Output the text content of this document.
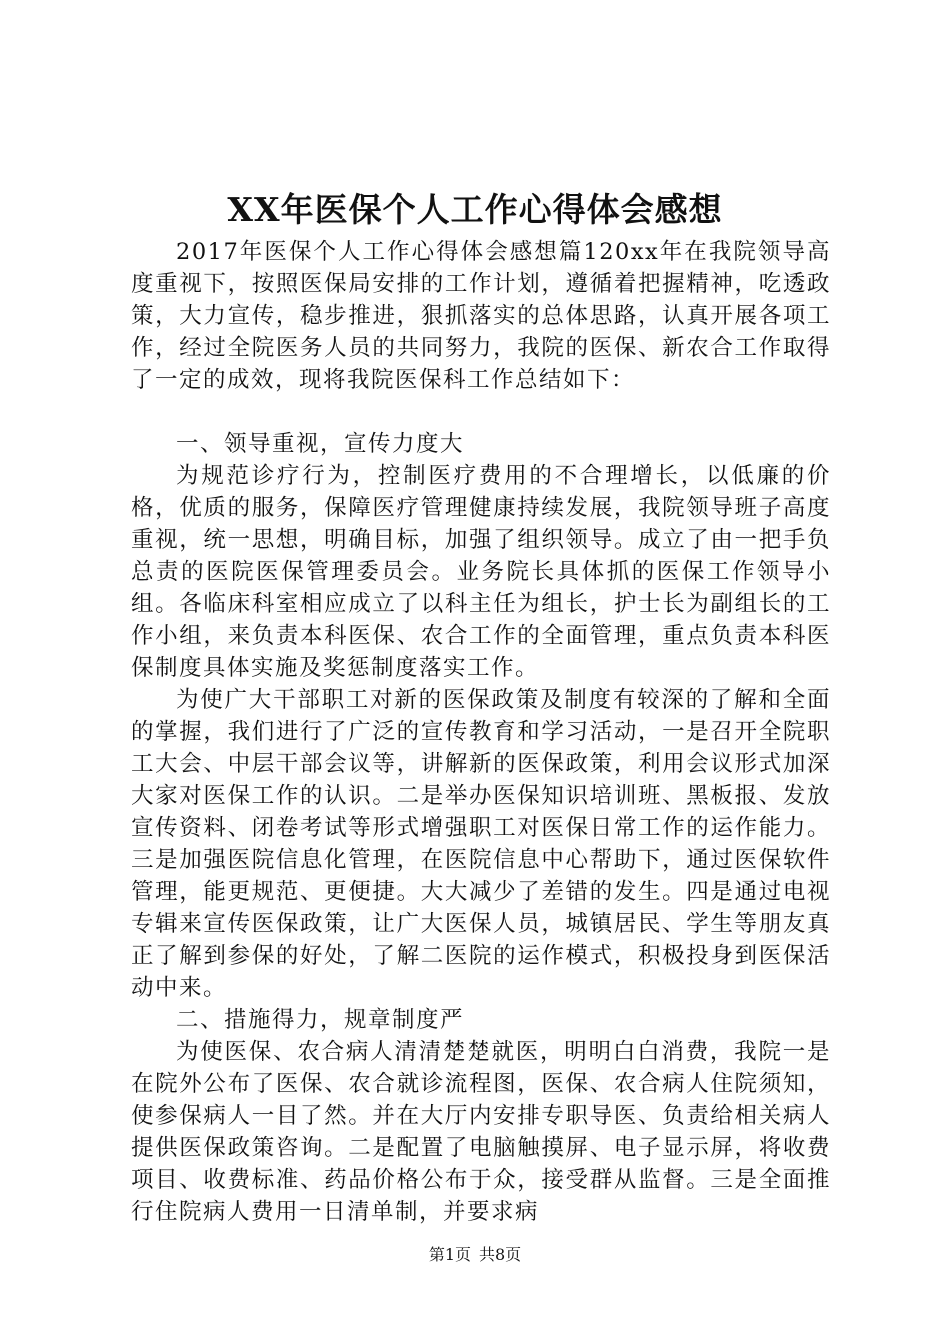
XX年医保个人工作心得体会感想

2017年医保个人工作心得体会感想篇120xx年在我院领导高度重视下，按照医保局安排的工作计划，遵循着把握精神，吃透政策，大力宣传，稳步推进，狠抓落实的总体思路，认真开展各项工作，经过全院医务人员的共同努力，我院的医保、新农合工作取得了一定的成效，现将我院医保科工作总结如下：

一、领导重视，宣传力度大

为规范诊疗行为，控制医疗费用的不合理增长，以低廉的价格，优质的服务，保障医疗管理健康持续发展，我院领导班子高度重视，统一思想，明确目标，加强了组织领导。成立了由一把手负总责的医院医保管理委员会。业务院长具体抓的医保工作领导小组。各临床科室相应成立了以科主任为组长，护士长为副组长的工作小组，来负责本科医保、农合工作的全面管理，重点负责本科医保制度具体实施及奖惩制度落实工作。

为使广大干部职工对新的医保政策及制度有较深的了解和全面的掌握，我们进行了广泛的宣传教育和学习活动，一是召开全院职工大会、中层干部会议等，讲解新的医保政策，利用会议形式加深大家对医保工作的认识。二是举办医保知识培训班、黑板报、发放宣传资料、闭卷考试等形式增强职工对医保日常工作的运作能力。三是加强医院信息化管理，在医院信息中心帮助下，通过医保软件管理，能更规范、更便捷。大大减少了差错的发生。四是通过电视专辑来宣传医保政策，让广大医保人员，城镇居民、学生等朋友真正了解到参保的好处，了解二医院的运作模式，积极投身到医保活动中来。

二、措施得力，规章制度严

为使医保、农合病人清清楚楚就医，明明白白消费，我院一是在院外公布了医保、农合就诊流程图，医保、农合病人住院须知，使参保病人一目了然。并在大厅内安排专职导医、负责给相关病人提供医保政策咨询。二是配置了电脑触摸屏、电子显示屏，将收费项目、收费标准、药品价格公布于众，接受群从监督。三是全面推行住院病人费用一日清单制，并要求病

第1页 共8页
